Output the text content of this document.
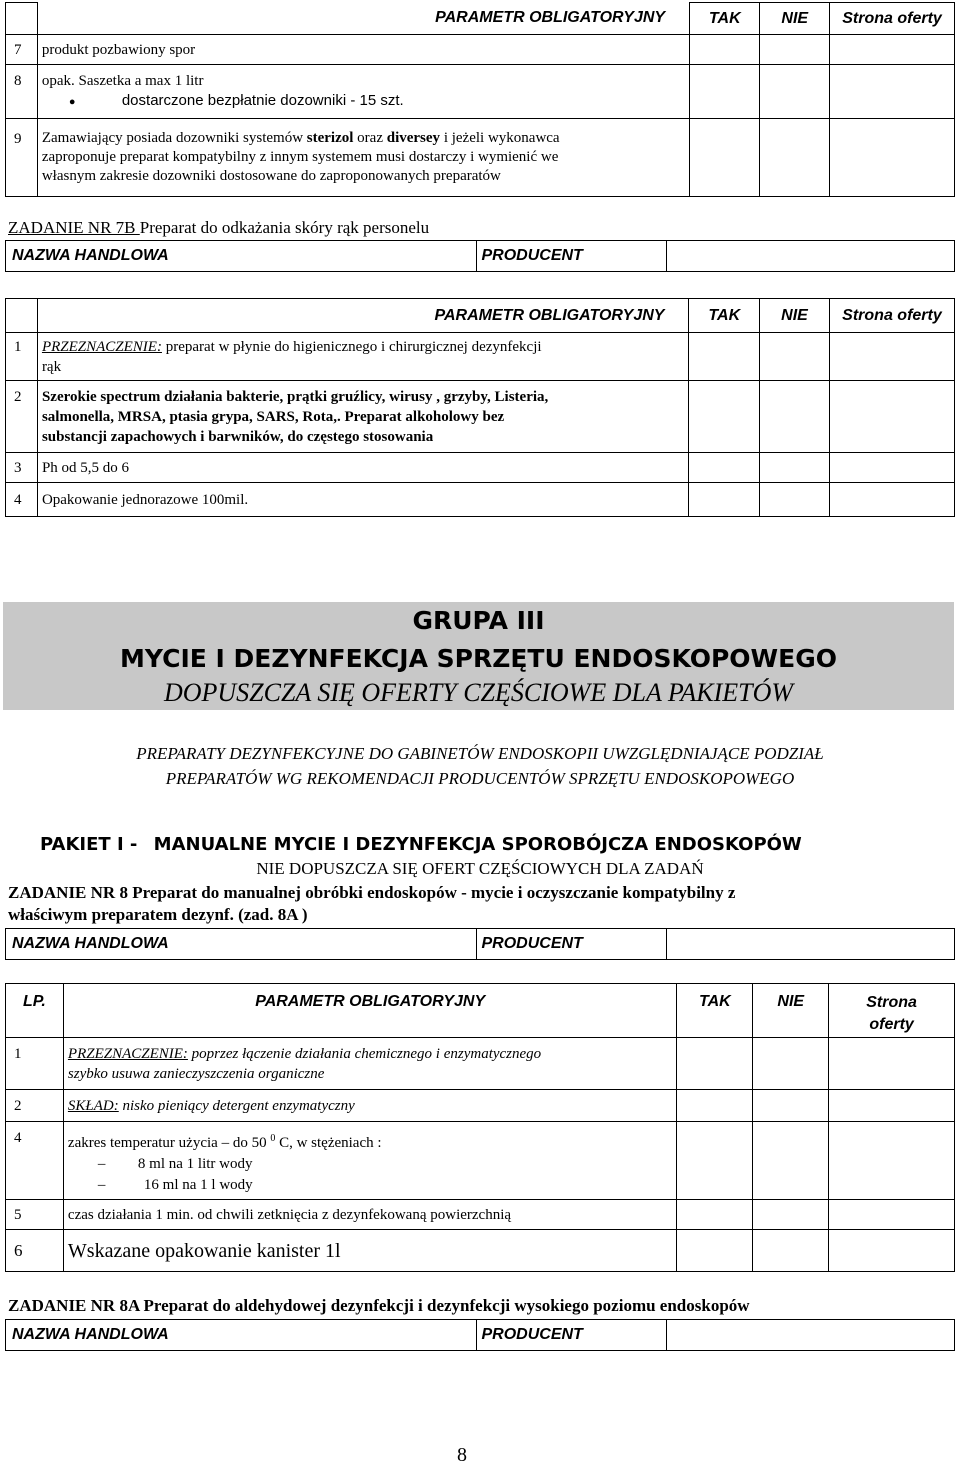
	PARAMETR OBLIGATORYJNY	TAK	NIE	Strona oferty
7	produkt pozbawiony spor			
8	opak. Saszetka a max 1 litr
● dostarczone bezpłatnie dozowniki - 15 szt.

9	Zamawiający posiada dozowniki systemów sterizol oraz diversey i jeżeli wykonawca
zaproponuje preparat kompatybilny z innym systemem musi dostarczy i wymienić we
własnym zakresie dozowniki dostosowane do zaproponowanych preparatów			

ZADANIE NR 7B Preparat do odkażania skóry rąk personelu
NAZWA HANDLOWA	PRODUCENT	
	PARAMETR OBLIGATORYJNY	TAK	NIE	Strona oferty
1	PRZEZNACZENIE: preparat w płynie do higienicznego i chirurgicznej dezynfekcji
rąk			

2	Szerokie spectrum działania bakterie, prątki gruźlicy, wirusy , grzyby, Listeria,
salmonella, MRSA, ptasia grypa, SARS, Rota,. Preparat alkoholowy bez
substancji zapachowych i barwników, do częstego stosowania			

3	Ph od 5,5 do 6			
4	Opakowanie jednorazowe 100mil.			
GRUPA III
MYCIE I DEZYNFEKCJA SPRZĘTU ENDOSKOPOWEGO
DOPUSZCZA SIĘ OFERTY CZĘŚCIOWE DLA PAKIETÓW
PREPARATY DEZYNFEKCYJNE DO GABINETÓW ENDOSKOPII UWZGLĘDNIAJĄCE PODZIAŁ
PREPARATÓW WG REKOMENDACJI PRODUCENTÓW SPRZĘTU ENDOSKOPOWEGO
PAKIET I - MANUALNE MYCIE I DEZYNFEKCJA SPOROBÓJCZA ENDOSKOPÓW
NIE DOPUSZCZA SIĘ OFERT CZĘŚCIOWYCH DLA ZADAŃ
ZADANIE NR 8 Preparat do manualnej obróbki endoskopów - mycie i oczyszczanie kompatybilny z
właściwym preparatem dezynf. (zad. 8A )
NAZWA HANDLOWA	PRODUCENT	
LP.	PARAMETR OBLIGATORYJNY	TAK	NIE	Strona
oferty

1	PRZEZNACZENIE: poprzez łączenie działania chemicznego i enzymatycznego
szybko usuwa zanieczyszczenia organiczne			

2	SKŁAD: nisko pieniący detergent enzymatyczny			
4	zakres temperatur użycia – do 50 $^0$ C, w stężeniach :
– 8 ml na 1 litr wody
– 16 ml na 1 l wody			

5	czas działania 1 min. od chwili zetknięcia z dezynfekowaną powierzchnią			
6	Wskazane opakowanie kanister 1l			
ZADANIE NR 8A Preparat do aldehydowej dezynfekcji i dezynfekcji wysokiego poziomu endoskopów
NAZWA HANDLOWA	PRODUCENT	
8
